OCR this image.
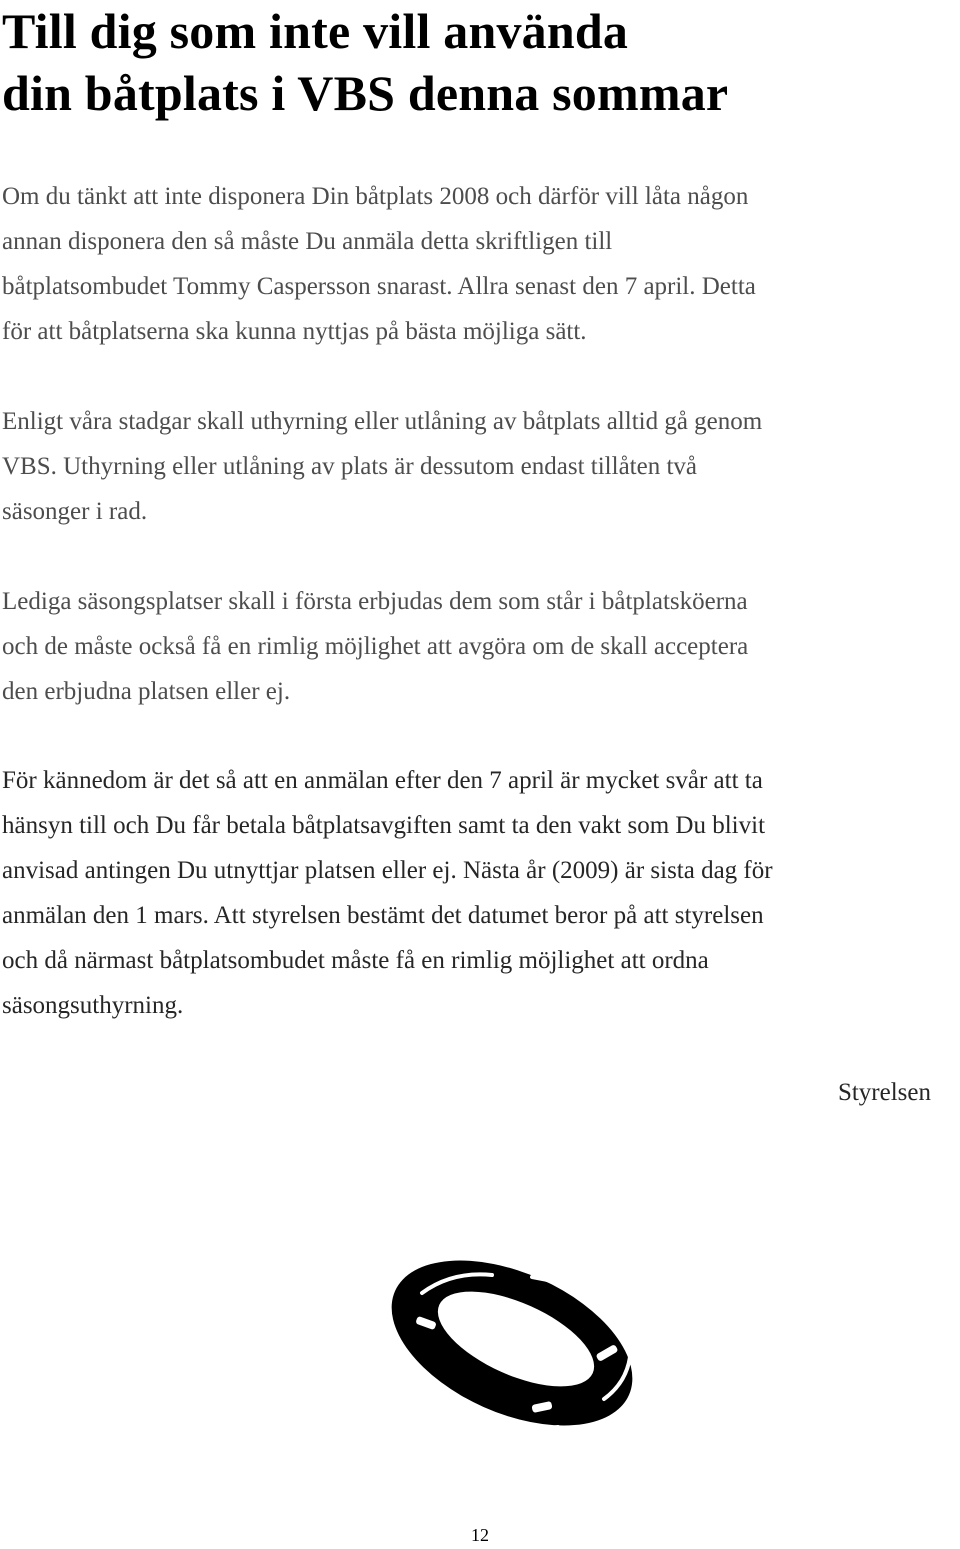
Till dig som inte vill använda
din båtplats i VBS denna sommar
Om du tänkt att inte disponera Din båtplats 2008 och därför vill låta någon
annan disponera den så måste Du anmäla detta skriftligen till
båtplatsombudet Tommy Caspersson snarast. Allra senast den 7 april. Detta
för att båtplatserna ska kunna nyttjas på bästa möjliga sätt.
Enligt våra stadgar skall uthyrning eller utlåning av båtplats alltid gå genom
VBS. Uthyrning eller utlåning av plats är dessutom endast tillåten två
säsonger i rad.
Lediga säsongsplatser skall i första erbjudas dem som står i båtplatsköerna
och de måste också få en rimlig möjlighet att avgöra om de skall acceptera
den erbjudna platsen eller ej.
För kännedom är det så att en anmälan efter den 7 april är mycket svår att ta
hänsyn till och Du får betala båtplatsavgiften samt ta den vakt som Du blivit
anvisad antingen Du utnyttjar platsen eller ej. Nästa år (2009) är sista dag för
anmälan den 1 mars. Att styrelsen bestämt det datumet beror på att styrelsen
och då närmast båtplatsombudet måste få en rimlig möjlighet att ordna
säsongsuthyrning.

Styrelsen

12
